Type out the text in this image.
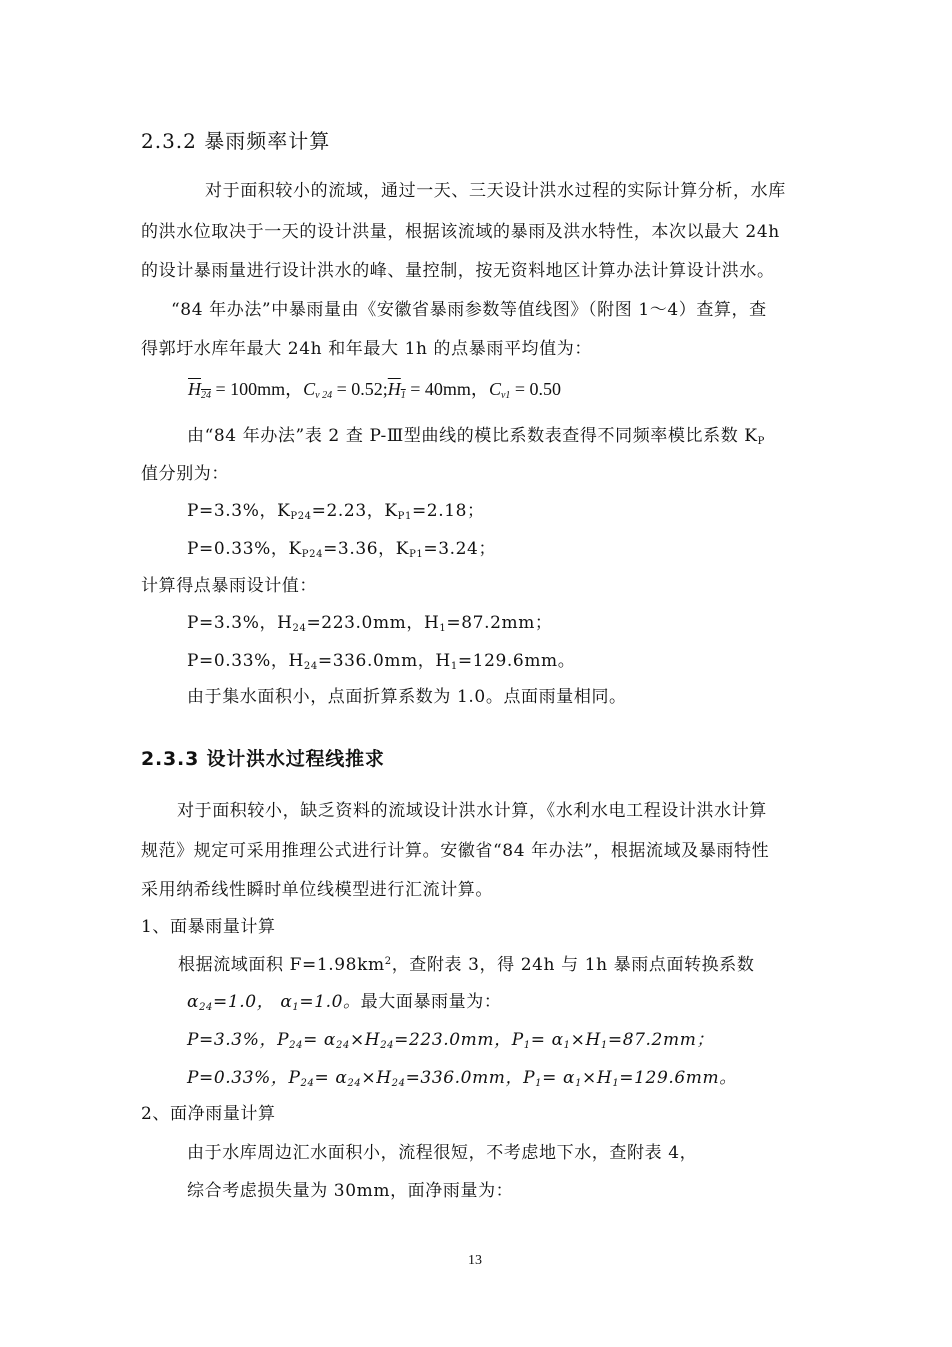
2.3.2 暴雨频率计算
对于面积较小的流域，通过一天、三天设计洪水过程的实际计算分析，水库
的洪水位取决于一天的设计洪量，根据该流域的暴雨及洪水特性，本次以最大 24h
的设计暴雨量进行设计洪水的峰、量控制，按无资料地区计算办法计算设计洪水。
“84 年办法”中暴雨量由《安徽省暴雨参数等值线图》（附图 1～4）查算，查
得郭圩水库年最大 24h 和年最大 1h 的点暴雨平均值为：
$H_{24} = 100mm$，$C_{v 24}$ = $0.52;H_1 = 40mm$，$C_{v1} = 0.50$
由“84 年办法”表 2 查 P-Ⅲ型曲线的模比系数表查得不同频率模比系数 $K_P$
值分别为：
P=3.3%，$K_{P24}=2.23$，$K_{P1}=2.18$；
P=0.33%，$K_{P24}=3.36$，$K_{P1}=3.24$；
计算得点暴雨设计值：
P=3.3%，$H_{24}=223.0mm$，$H_1=87.2mm$；
P=0.33%，$H_{24}=336.0mm$，$H_1=129.6mm$。
由于集水面积小，点面折算系数为 1.0。点面雨量相同。
2.3.3 设计洪水过程线推求
对于面积较小，缺乏资料的流域设计洪水计算，《水利水电工程设计洪水计算
规范》规定可采用推理公式进行计算。安徽省“84 年办法”，根据流域及暴雨特性
采用纳希线性瞬时单位线模型进行汇流计算。
1、面暴雨量计算
根据流域面积 $F=1.98km^2$，查附表 3，得 24h 与 1h 暴雨点面转换系数
$\alpha_{24}=1.0$， $\alpha_1=1.0$。最大面暴雨量为：
P=3.3%，$P_{24}= \alpha_{24}\times H_{24}=223.0mm$，$P_1= \alpha_1\times H_1=87.2mm$；
P=0.33%，$P_{24}= \alpha_{24}\times H_{24}=336.0mm$，$P_1= \alpha_1\times H_1=129.6mm$。
2、面净雨量计算
由于水库周边汇水面积小，流程很短，不考虑地下水，查附表 4，
综合考虑损失量为 30mm，面净雨量为：
13
